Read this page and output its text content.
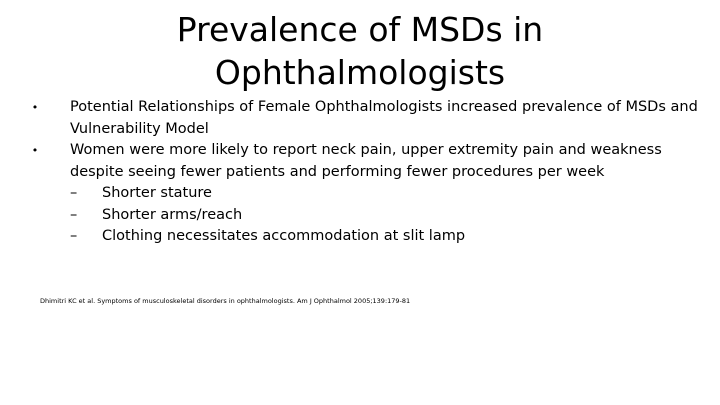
Prevalence of MSDs in
Ophthalmologists
• Potential Relationships of Female Ophthalmologists increased prevalence of MSDs and Vulnerability Model
• Women were more likely to report neck pain, upper extremity pain and weakness despite seeing fewer patients and performing fewer procedures per week
– Shorter stature
– Shorter arms/reach
– Clothing necessitates accommodation at slit lamp
Dhimitri KC et al. Symptoms of musculoskeletal disorders in ophthalmologists. Am J Ophthalmol 2005;139:179-81
